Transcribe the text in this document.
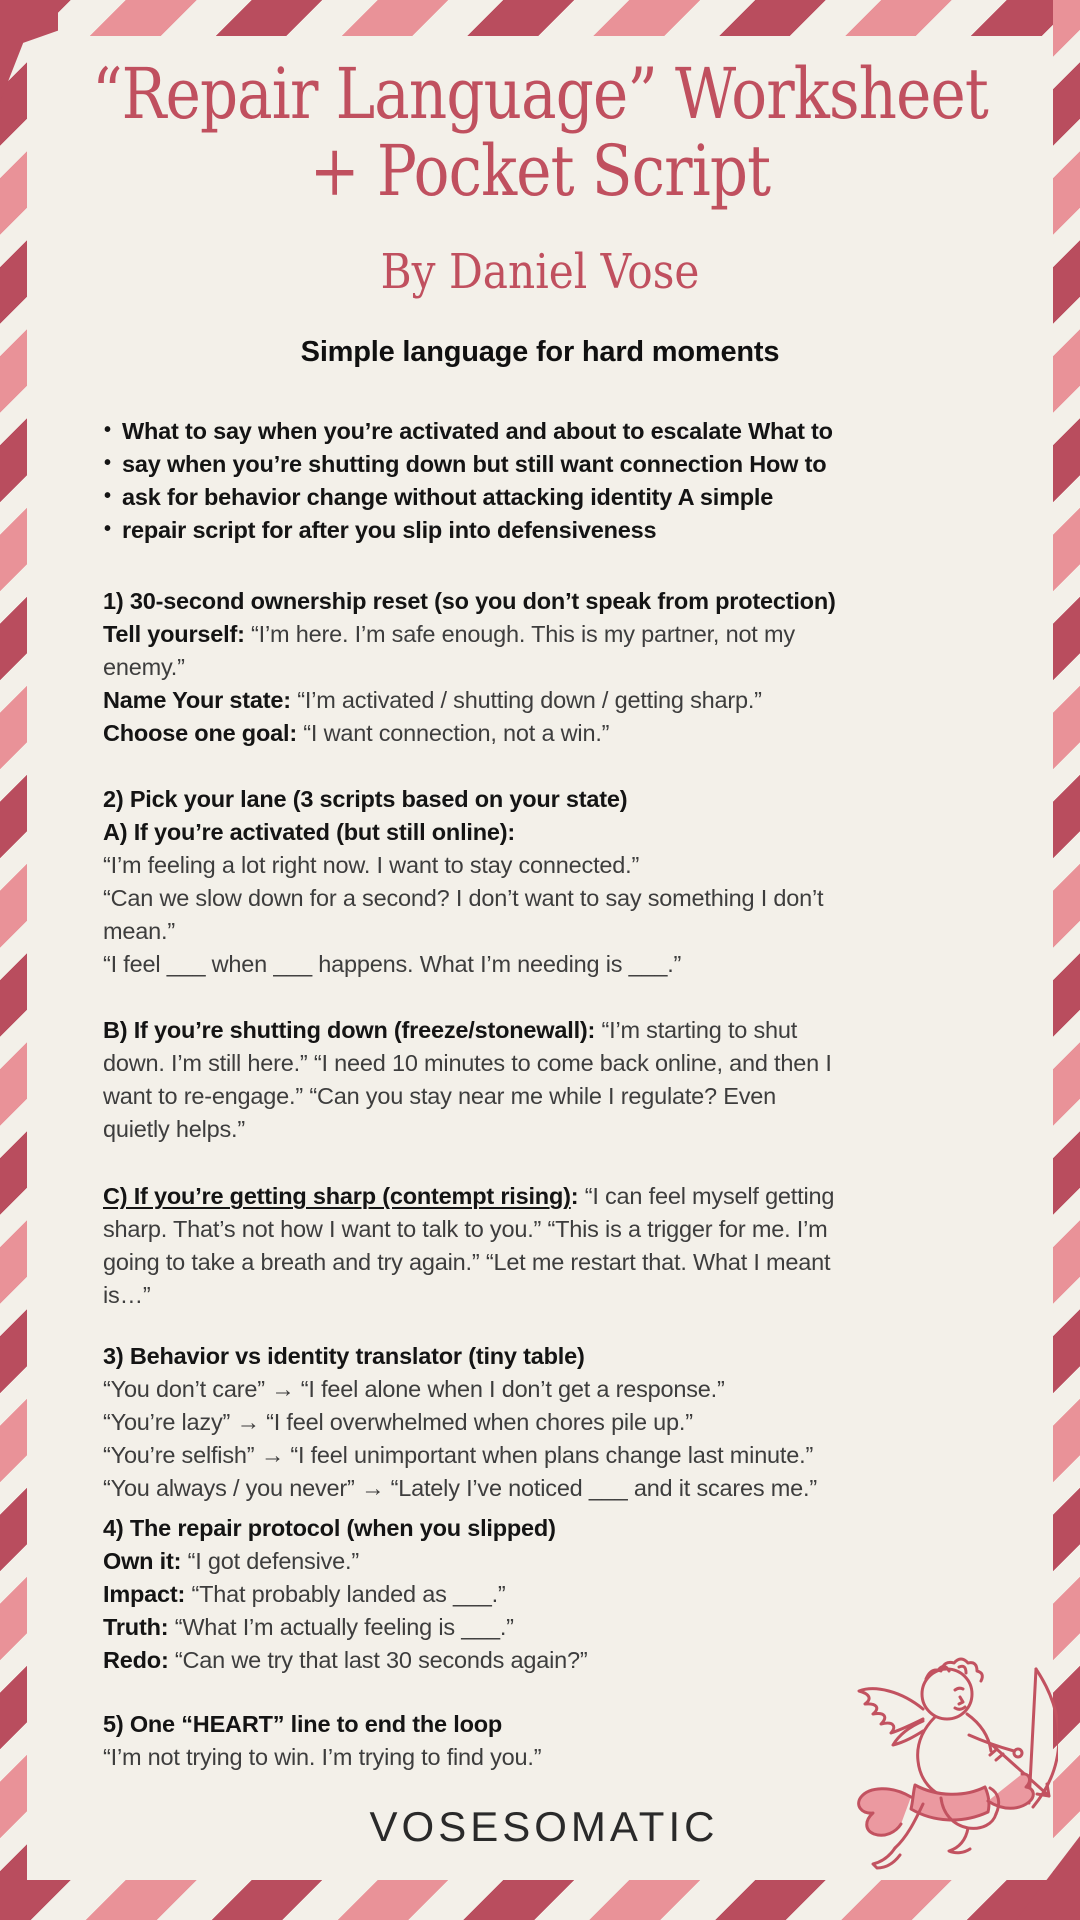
“Repair Language” Worksheet
+ Pocket Script
By Daniel Vose
Simple language for hard moments
• What to say when you’re activated and about to escalate What to
• say when you’re shutting down but still want connection How to
• ask for behavior change without attacking identity A simple
• repair script for after you slip into defensiveness
1) 30-second ownership reset (so you don’t speak from protection)
Tell yourself: “I’m here. I’m safe enough. This is my partner, not my
enemy.”
Name Your state: “I’m activated / shutting down / getting sharp.”
Choose one goal: “I want connection, not a win.”
2) Pick your lane (3 scripts based on your state)
A) If you’re activated (but still online):
“I’m feeling a lot right now. I want to stay connected.”
“Can we slow down for a second? I don’t want to say something I don’t
mean.”
“I feel ___ when ___ happens. What I’m needing is ___.”
B) If you’re shutting down (freeze/stonewall): “I’m starting to shut
down. I’m still here.” “I need 10 minutes to come back online, and then I
want to re-engage.” “Can you stay near me while I regulate? Even
quietly helps.”
C) If you’re getting sharp (contempt rising): “I can feel myself getting
sharp. That’s not how I want to talk to you.” “This is a trigger for me. I’m
going to take a breath and try again.” “Let me restart that. What I meant
is…”
3) Behavior vs identity translator (tiny table)
“You don’t care” → “I feel alone when I don’t get a response.”
“You’re lazy” → “I feel overwhelmed when chores pile up.”
“You’re selfish” → “I feel unimportant when plans change last minute.”
“You always / you never” → “Lately I’ve noticed ___ and it scares me.”
4) The repair protocol (when you slipped)
Own it: “I got defensive.”
Impact: “That probably landed as ___.”
Truth: “What I’m actually feeling is ___.”
Redo: “Can we try that last 30 seconds again?”
5) One “HEART” line to end the loop
“I’m not trying to win. I’m trying to find you.”
VOSESOMATIC
